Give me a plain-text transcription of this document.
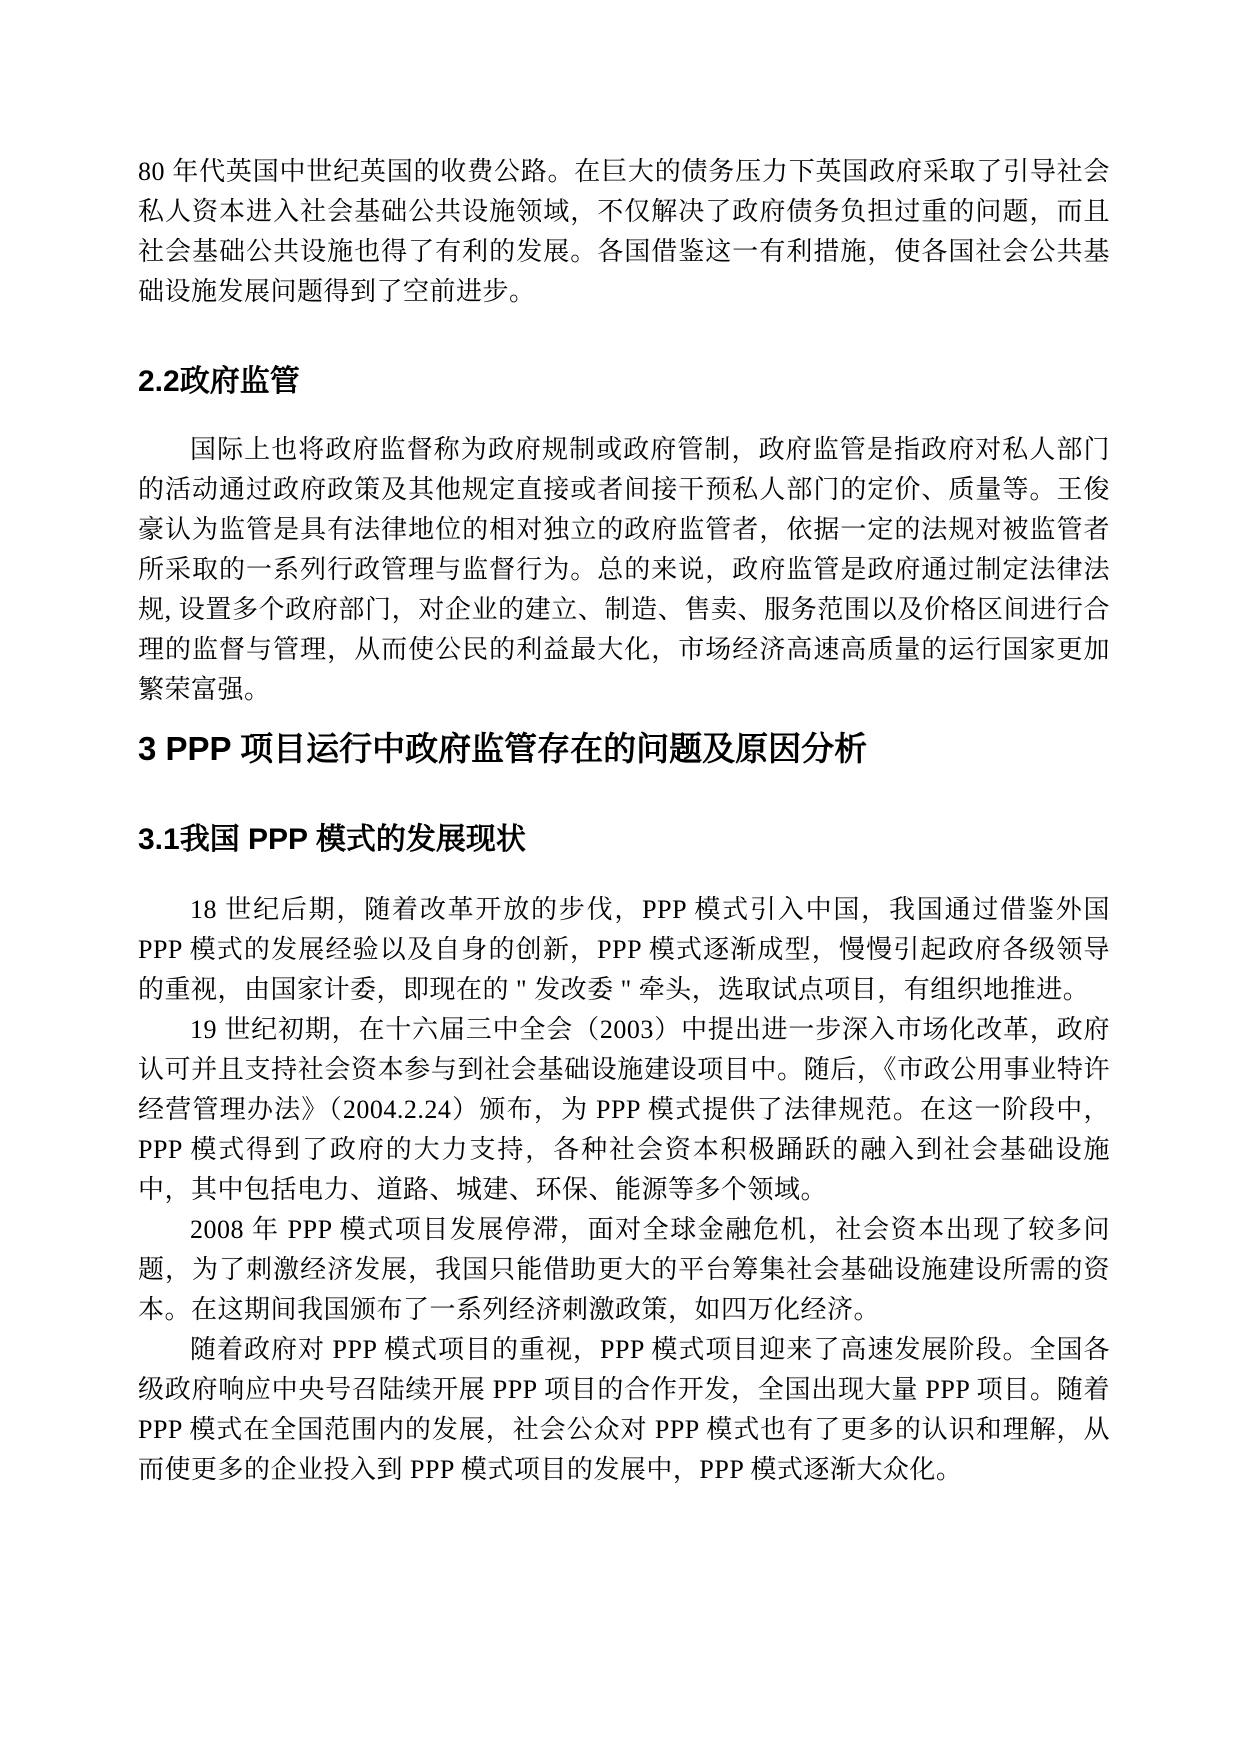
80 年代英国中世纪英国的收费公路。在巨大的债务压力下英国政府采取了引导社会私人资本进入社会基础公共设施领域，不仅解决了政府债务负担过重的问题，而且社会基础公共设施也得了有利的发展。各国借鉴这一有利措施，使各国社会公共基础设施发展问题得到了空前进步。

2.2政府监管

国际上也将政府监督称为政府规制或政府管制，政府监管是指政府对私人部门的活动通过政府政策及其他规定直接或者间接干预私人部门的定价、质量等。王俊豪认为监管是具有法律地位的相对独立的政府监管者，依据一定的法规对被监管者所采取的一系列行政管理与监督行为。总的来说，政府监管是政府通过制定法律法规, 设置多个政府部门，对企业的建立、制造、售卖、服务范围以及价格区间进行合理的监督与管理，从而使公民的利益最大化，市场经济高速高质量的运行国家更加繁荣富强。

3 PPP 项目运行中政府监管存在的问题及原因分析
3.1我国 PPP 模式的发展现状

18 世纪后期，随着改革开放的步伐，PPP 模式引入中国，我国通过借鉴外国 PPP 模式的发展经验以及自身的创新，PPP 模式逐渐成型，慢慢引起政府各级领导的重视，由国家计委，即现在的 " 发改委 " 牵头，选取试点项目，有组织地推进。

19 世纪初期，在十六届三中全会（2003）中提出进一步深入市场化改革，政府认可并且支持社会资本参与到社会基础设施建设项目中。随后，《市政公用事业特许经营管理办法》（2004.2.24）颁布，为 PPP 模式提供了法律规范。在这一阶段中，PPP 模式得到了政府的大力支持，各种社会资本积极踊跃的融入到社会基础设施中，其中包括电力、道路、城建、环保、能源等多个领域。

2008 年 PPP 模式项目发展停滞，面对全球金融危机，社会资本出现了较多问题，为了刺激经济发展，我国只能借助更大的平台筹集社会基础设施建设所需的资本。在这期间我国颁布了一系列经济刺激政策，如四万化经济。

随着政府对 PPP 模式项目的重视，PPP 模式项目迎来了高速发展阶段。全国各级政府响应中央号召陆续开展 PPP 项目的合作开发，全国出现大量 PPP 项目。随着 PPP 模式在全国范围内的发展，社会公众对 PPP 模式也有了更多的认识和理解，从而使更多的企业投入到 PPP 模式项目的发展中，PPP 模式逐渐大众化。
